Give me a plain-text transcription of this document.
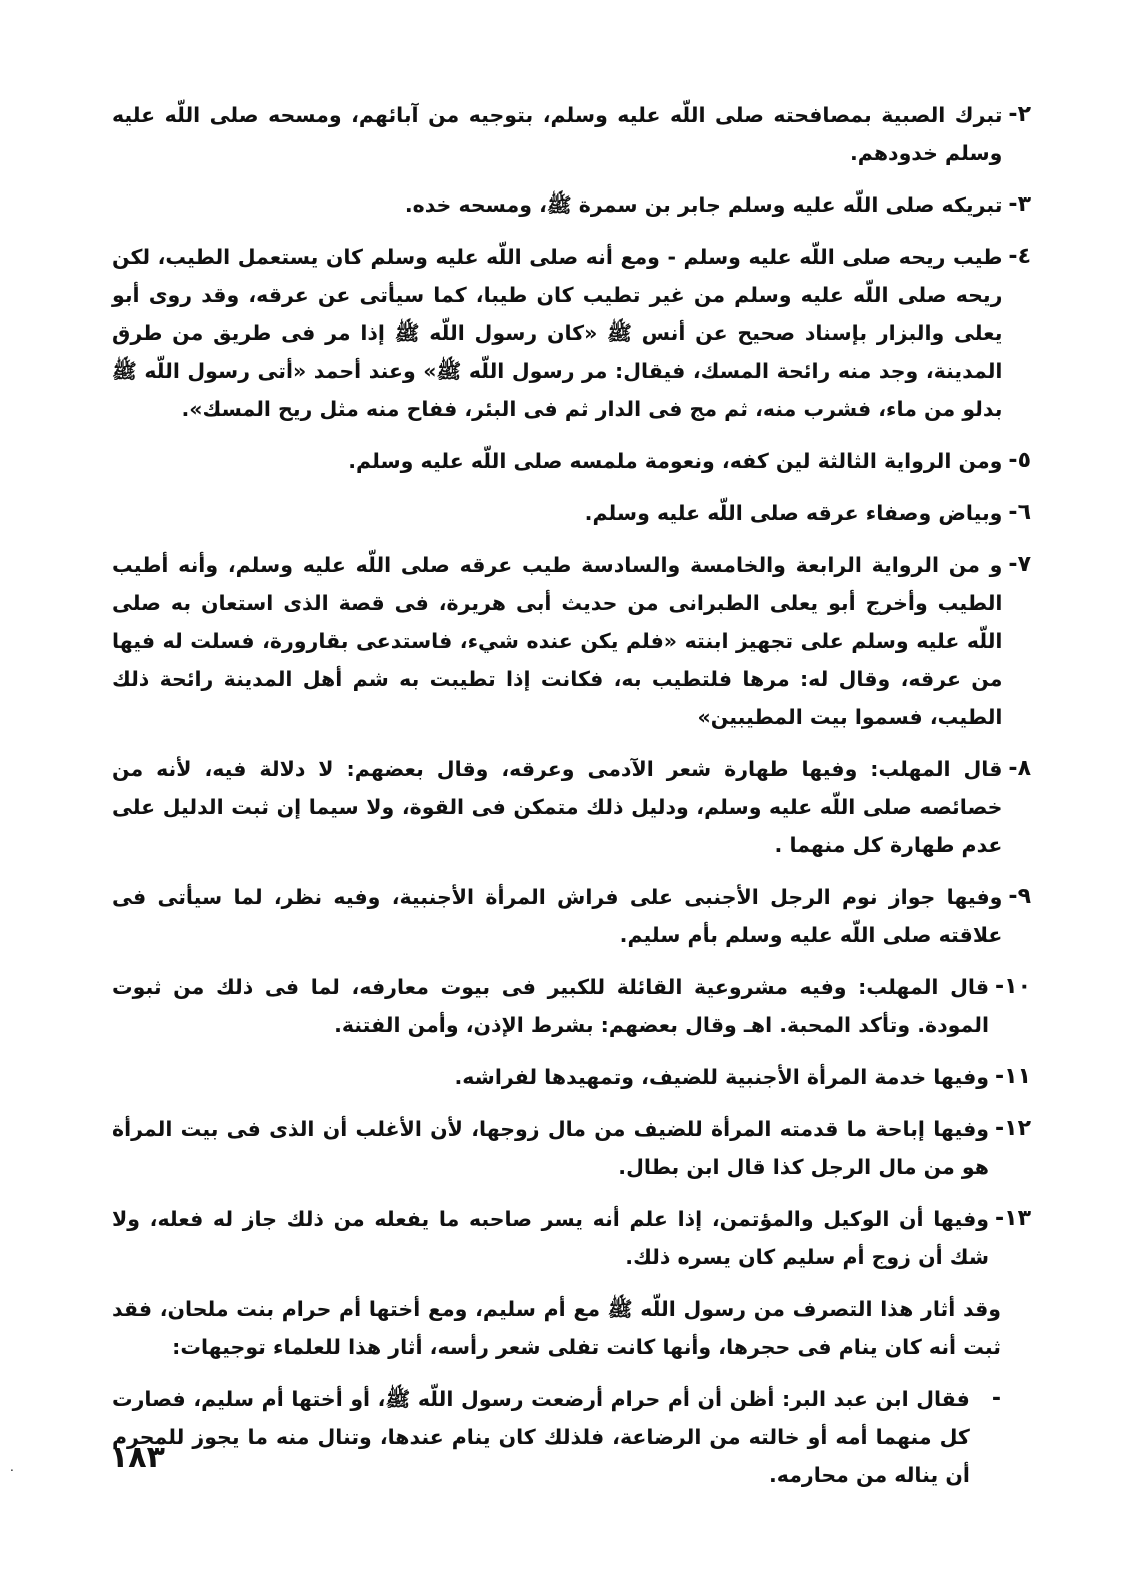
٢-
تبرك الصبية بمصافحته صلى اللّه عليه وسلم، بتوجيه من آبائهم، ومسحه صلى اللّه عليه وسلم خدودهم.
٣-
تبريكه صلى اللّه عليه وسلم جابر بن سمرة ﷺ، ومسحه خده.
٤-
طيب ريحه صلى اللّه عليه وسلم - ومع أنه صلى اللّه عليه وسلم كان يستعمل الطيب، لكن ريحه صلى اللّه عليه وسلم من غير تطيب كان طيبا، كما سيأتى عن عرقه، وقد روى أبو يعلى والبزار بإسناد صحيح عن أنس ﷺ «كان رسول اللّه ﷺ إذا مر فى طريق من طرق المدينة، وجد منه رائحة المسك، فيقال: مر رسول اللّه ﷺ» وعند أحمد «أتى رسول اللّه ﷺ بدلو من ماء، فشرب منه، ثم مج فى الدار ثم فى البئر، ففاح منه مثل ريح المسك».
٥-
ومن الرواية الثالثة لين كفه، ونعومة ملمسه صلى اللّه عليه وسلم.
٦-
وبياض وصفاء عرقه صلى اللّه عليه وسلم.
٧-
و من الرواية الرابعة والخامسة والسادسة طيب عرقه صلى اللّه عليه وسلم، وأنه أطيب الطيب وأخرج أبو يعلى الطبرانى من حديث أبى هريرة، فى قصة الذى استعان به صلى اللّه عليه وسلم على تجهيز ابنته «فلم يكن عنده شيء، فاستدعى بقارورة، فسلت له فيها من عرقه، وقال له: مرها فلتطيب به، فكانت إذا تطيبت به شم أهل المدينة رائحة ذلك الطيب، فسموا بيت المطيبين»
٨-
قال المهلب: وفيها طهارة شعر الآدمى وعرقه، وقال بعضهم: لا دلالة فيه، لأنه من خصائصه صلى اللّه عليه وسلم، ودليل ذلك متمكن فى القوة، ولا سيما إن ثبت الدليل على عدم طهارة كل منهما .
٩-
وفيها جواز نوم الرجل الأجنبى على فراش المرأة الأجنبية، وفيه نظر، لما سيأتى فى علاقته صلى اللّه عليه وسلم بأم سليم.
١٠-
قال المهلب: وفيه مشروعية القائلة للكبير فى بيوت معارفه، لما فى ذلك من ثبوت المودة. وتأكد المحبة. اهـ وقال بعضهم: بشرط الإذن، وأمن الفتنة.
١١-
وفيها خدمة المرأة الأجنبية للضيف، وتمهيدها لفراشه.
١٢-
وفيها إباحة ما قدمته المرأة للضيف من مال زوجها، لأن الأغلب أن الذى فى بيت المرأة هو من مال الرجل كذا قال ابن بطال.
١٣-
وفيها أن الوكيل والمؤتمن، إذا علم أنه يسر صاحبه ما يفعله من ذلك جاز له فعله، ولا شك أن زوج أم سليم كان يسره ذلك.
وقد أثار هذا التصرف من رسول اللّه ﷺ مع أم سليم، ومع أختها أم حرام بنت ملحان، فقد ثبت أنه كان ينام فى حجرها، وأنها كانت تفلى شعر رأسه، أثار هذا للعلماء توجيهات:
-
فقال ابن عبد البر: أظن أن أم حرام أرضعت رسول اللّه ﷺ، أو أختها أم سليم، فصارت كل منهما أمه أو خالته من الرضاعة، فلذلك كان ينام عندها، وتنال منه ما يجوز للمحرم أن يناله من محارمه.
١٨٣
.
